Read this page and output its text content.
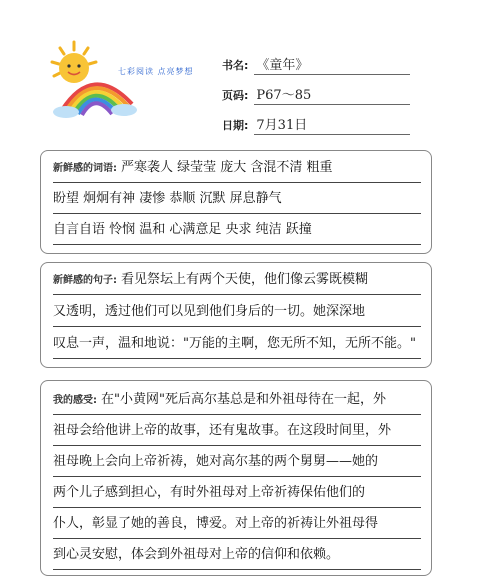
七彩阅读 点亮梦想	书名: 《童年》
页码: P67～85
日期: 7月31日
新鲜感的词语: 严寒袭人 绿莹莹 庞大 含混不清 粗重
盼望 炯炯有神 凄惨 恭顺 沉默 屏息静气
自言自语 怜悯 温和 心满意足 央求 纯洁 跃撞
新鲜感的句子: 看见祭坛上有两个天使，他们像云雾既模糊
又透明，透过他们可以见到他们身后的一切。她深深地
叹息一声，温和地说："万能的主啊，您无所不知，无所不能。"
我的感受: 在"小黄网"死后高尔基总是和外祖母待在一起，外
祖母会给他讲上帝的故事，还有鬼故事。在这段时间里，外
祖母晚上会向上帝祈祷，她对高尔基的两个舅舅——她的
两个儿子感到担心，有时外祖母对上帝祈祷保佑他们的
仆人，彰显了她的善良，博爱。对上帝的祈祷让外祖母得
到心灵安慰，体会到外祖母对上帝的信仰和依赖。
